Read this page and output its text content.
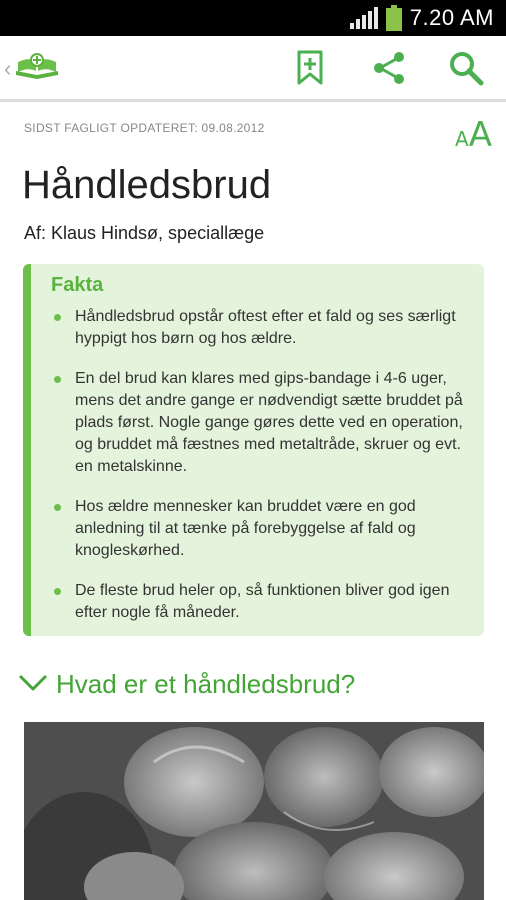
7.20 AM
‹
SIDST FAGLIGT OPDATERET: 09.08.2012	AA
Håndledsbrud
Af: Klaus Hindsø, speciallæge
Fakta
Håndledsbrud opstår oftest efter et fald og ses særligt hyppigt hos børn og hos ældre.
En del brud kan klares med gips-bandage i 4-6 uger, mens det andre gange er nødvendigt sætte bruddet på plads først. Nogle gange gøres dette ved en operation, og bruddet må fæstnes med metaltråde, skruer og evt. en metalskinne.
Hos ældre mennesker kan bruddet være en god anledning til at tænke på forebyggelse af fald og knogleskørhed.
De fleste brud heler op, så funktionen bliver god igen efter nogle få måneder.
Hvad er et håndledsbrud?
